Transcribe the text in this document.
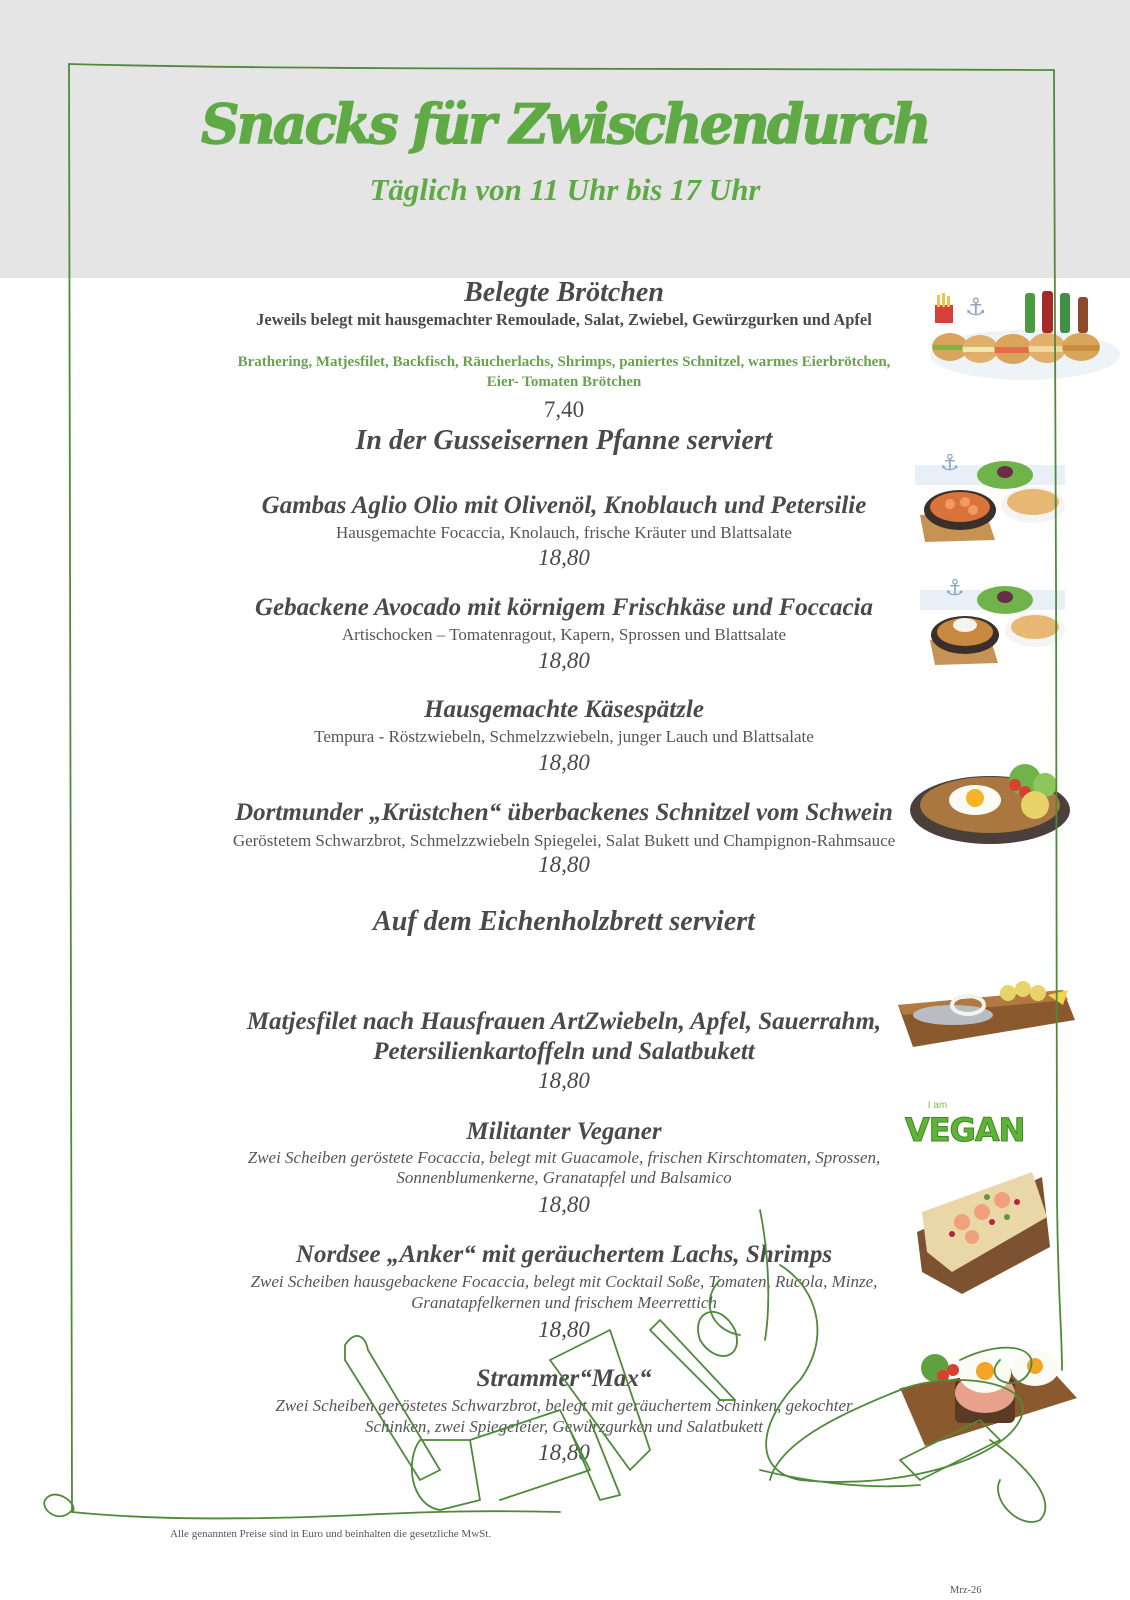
Snacks für Zwischendurch
Täglich von 11 Uhr bis 17 Uhr
⚓
⚓
⚓
I am
VEGAN
Belegte Brötchen
Jeweils belegt mit hausgemachter Remoulade, Salat, Zwiebel, Gewürzgurken und Apfel
Brathering, Matjesfilet, Backfisch, Räucherlachs, Shrimps, paniertes Schnitzel, warmes Eierbrötchen,
Eier- Tomaten Brötchen
7,40
In der Gusseisernen Pfanne serviert
Gambas Aglio Olio mit Olivenöl, Knoblauch und Petersilie
Hausgemachte Focaccia, Knolauch, frische Kräuter und Blattsalate
18,80
Gebackene Avocado mit körnigem Frischkäse und Foccacia
Artischocken – Tomatenragout, Kapern, Sprossen und Blattsalate
18,80
Hausgemachte Käsespätzle
Tempura - Röstzwiebeln, Schmelzzwiebeln, junger Lauch und Blattsalate
18,80
Dortmunder „Krüstchen“ überbackenes Schnitzel vom Schwein
Geröstetem Schwarzbrot, Schmelzzwiebeln Spiegelei, Salat Bukett und Champignon-Rahmsauce
18,80
Auf dem Eichenholzbrett serviert
Matjesfilet nach Hausfrauen ArtZwiebeln, Apfel, Sauerrahm,
Petersilienkartoffeln und Salatbukett
18,80
Militanter Veganer
Zwei Scheiben geröstete Focaccia, belegt mit Guacamole, frischen Kirschtomaten, Sprossen,
Sonnenblumenkerne, Granatapfel und Balsamico
18,80
Nordsee „Anker“ mit geräuchertem Lachs, Shrimps
Zwei Scheiben hausgebackene Focaccia, belegt mit Cocktail Soße, Tomaten, Rucola, Minze,
Granatapfelkernen und frischem Meerrettich
18,80
Strammer“Max“
Zwei Scheiben geröstetes Schwarzbrot, belegt mit geräuchertem Schinken, gekochter
Schinken, zwei Spiegeleier, Gewürzgurken und Salatbukett
18,80
Alle genannten Preise sind in Euro und beinhalten die gesetzliche MwSt.
Mrz-26
